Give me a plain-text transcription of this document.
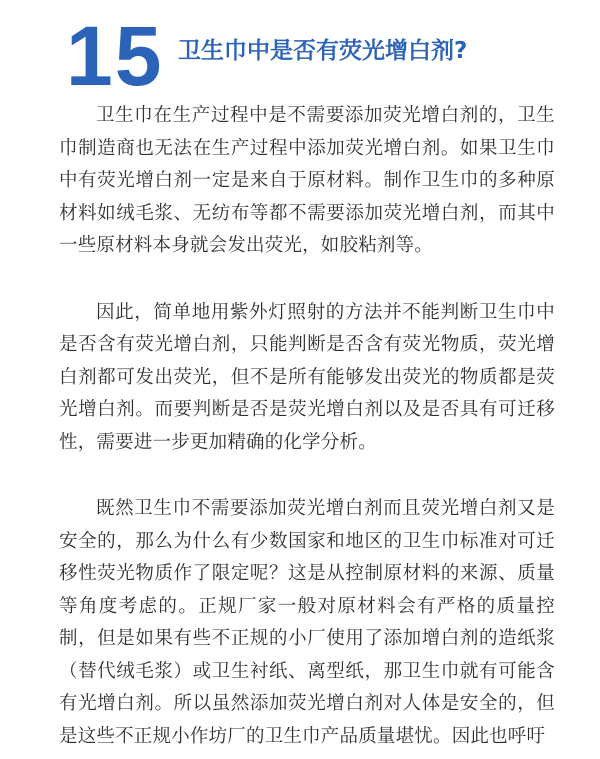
15 卫生巾中是否有荧光增白剂?

卫生巾在生产过程中是不需要添加荧光增白剂的，卫生巾制造商也无法在生产过程中添加荧光增白剂。如果卫生巾中有荧光增白剂一定是来自于原材料。制作卫生巾的多种原材料如绒毛浆、无纺布等都不需要添加荧光增白剂，而其中一些原材料本身就会发出荧光，如胶粘剂等。

因此，简单地用紫外灯照射的方法并不能判断卫生巾中是否含有荧光增白剂，只能判断是否含有荧光物质，荧光增白剂都可发出荧光，但不是所有能够发出荧光的物质都是荧光增白剂。而要判断是否是荧光增白剂以及是否具有可迁移性，需要进一步更加精确的化学分析。

既然卫生巾不需要添加荧光增白剂而且荧光增白剂又是安全的，那么为什么有少数国家和地区的卫生巾标准对可迁移性荧光物质作了限定呢？这是从控制原材料的来源、质量等角度考虑的。正规厂家一般对原材料会有严格的质量控制，但是如果有些不正规的小厂使用了添加增白剂的造纸浆（替代绒毛浆）或卫生衬纸、离型纸，那卫生巾就有可能含有光增白剂。所以虽然添加荧光增白剂对人体是安全的，但是这些不正规小作坊厂的卫生巾产品质量堪忧。因此也呼吁
